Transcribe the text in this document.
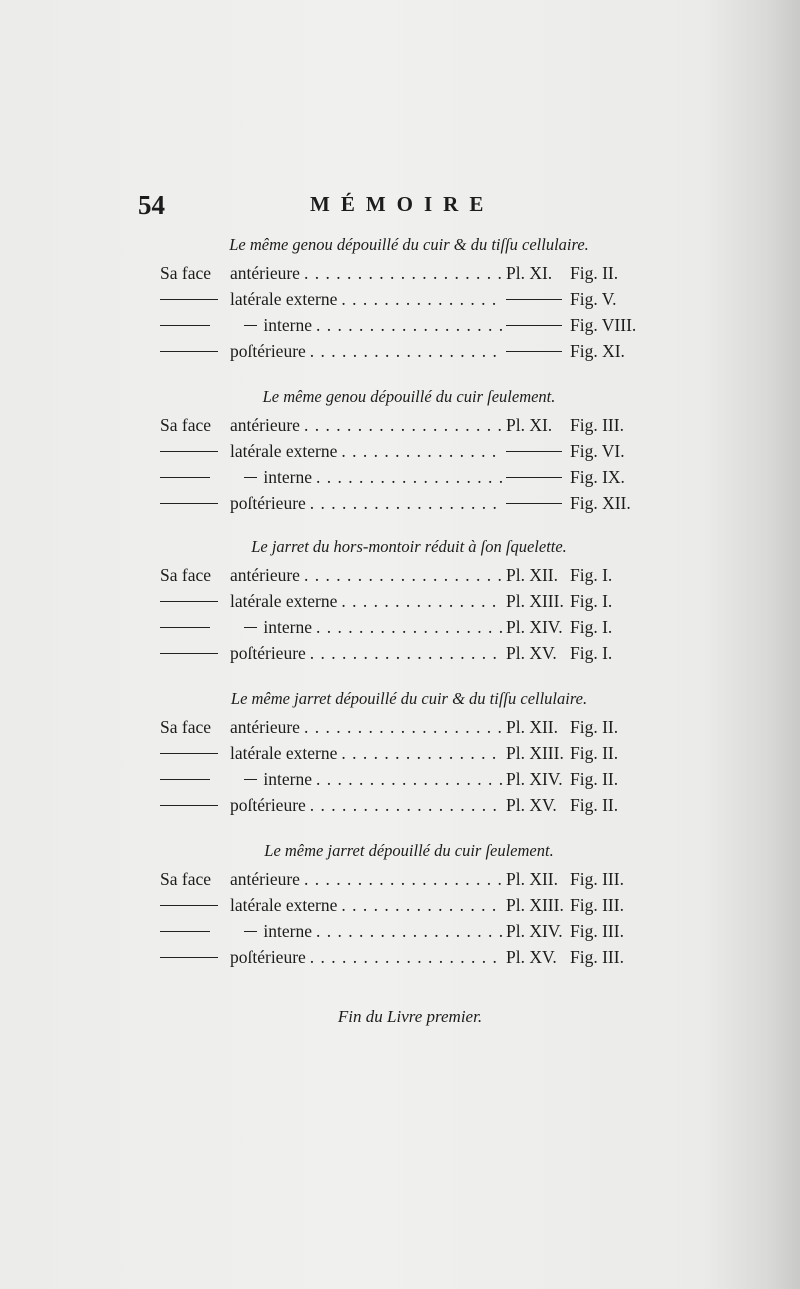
54	MÉMOIRE
Le même genou dépouillé du cuir & du tiſſu cellulaire.
Sa face	antérieure . . .	Pl. XI.	Fig. II.
latérale externe . . .	Fig. V.
interne . . .	Fig. VIII.
poſtérieure . . .	Fig. XI.
Le même genou dépouillé du cuir ſeulement.
Sa face	antérieure . . .	Pl. XI.	Fig. III.
latérale externe . . .	Fig. VI.
interne . . .	Fig. IX.
poſtérieure . . .	Fig. XII.
Le jarret du hors-montoir réduit à ſon ſquelette.
Sa face	antérieure . . .	Pl. XII. Fig. I.
latérale externe . . .	Pl. XIII. Fig. I.
interne . . .	Pl. XIV. Fig. I.
poſtérieure . . .	Pl. XV. Fig. I.
Le même jarret dépouillé du cuir & du tiſſu cellulaire.
Sa face	antérieure . . .	Pl. XII. Fig. II.
latérale externe . . .	Pl. XIII. Fig. II.
interne . . .	Pl. XIV. Fig. II.
poſtérieure . . .	Pl. XV. Fig. II.
Le même jarret dépouillé du cuir ſeulement.
Sa face	antérieure . . .	Pl. XII. Fig. III.
latérale externe . . .	Pl. XIII. Fig. III.
interne . . .	Pl. XIV. Fig. III.
poſtérieure . . .	Pl. XV. Fig. III.
Fin du Livre premier.
